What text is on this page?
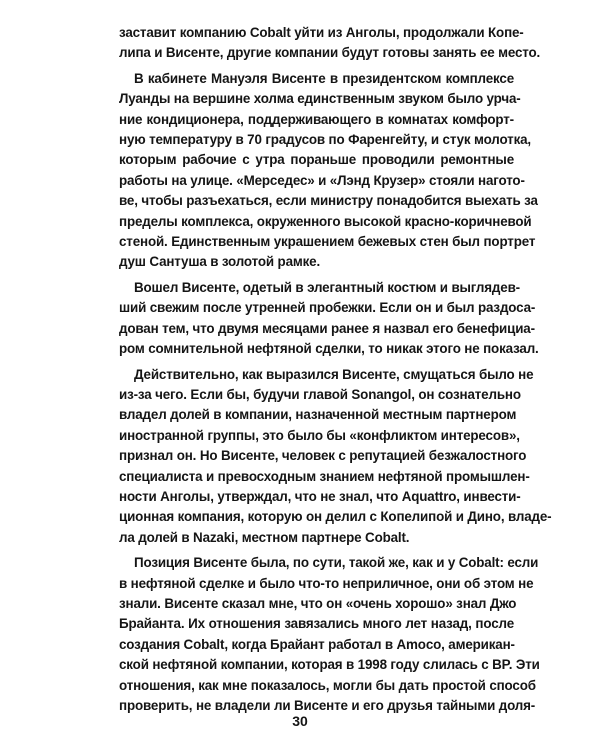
заставит компанию Cobalt уйти из Анголы, продолжали Копе-
липа и Висенте, другие компании будут готовы занять ее место.

В кабинете Мануэля Висенте в президентском комплексе
Луанды на вершине холма единственным звуком было урча-
ние кондиционера, поддерживающего в комнатах комфорт-
ную температуру в 70 градусов по Фаренгейту, и стук молотка,
которым рабочие с утра пораньше проводили ремонтные
работы на улице. «Мерседес» и «Лэнд Крузер» стояли нагото-
ве, чтобы разъехаться, если министру понадобится выехать за
пределы комплекса, окруженного высокой красно-коричневой
стеной. Единственным украшением бежевых стен был портрет
душ Сантуша в золотой рамке.

Вошел Висенте, одетый в элегантный костюм и выглядев-
ший свежим после утренней пробежки. Если он и был раздоса-
дован тем, что двумя месяцами ранее я назвал его бенефициа-
ром сомнительной нефтяной сделки, то никак этого не показал.

Действительно, как выразился Висенте, смущаться было не
из-за чего. Если бы, будучи главой Sonangol, он сознательно
владел долей в компании, назначенной местным партнером
иностранной группы, это было бы «конфликтом интересов»,
признал он. Но Висенте, человек с репутацией безжалостного
специалиста и превосходным знанием нефтяной промышлен-
ности Анголы, утверждал, что не знал, что Aquattro, инвести-
ционная компания, которую он делил с Копелипой и Дино, владе-
ла долей в Nazaki, местном партнере Cobalt.

Позиция Висенте была, по сути, такой же, как и у Cobalt: если
в нефтяной сделке и было что-то неприличное, они об этом не
знали. Висенте сказал мне, что он «очень хорошо» знал Джо
Брайанта. Их отношения завязались много лет назад, после
создания Cobalt, когда Брайант работал в Amoco, американ-
ской нефтяной компании, которая в 1998 году слилась с BP. Эти
отношения, как мне показалось, могли бы дать простой способ
проверить, не владели ли Висенте и его друзья тайными доля-

30
